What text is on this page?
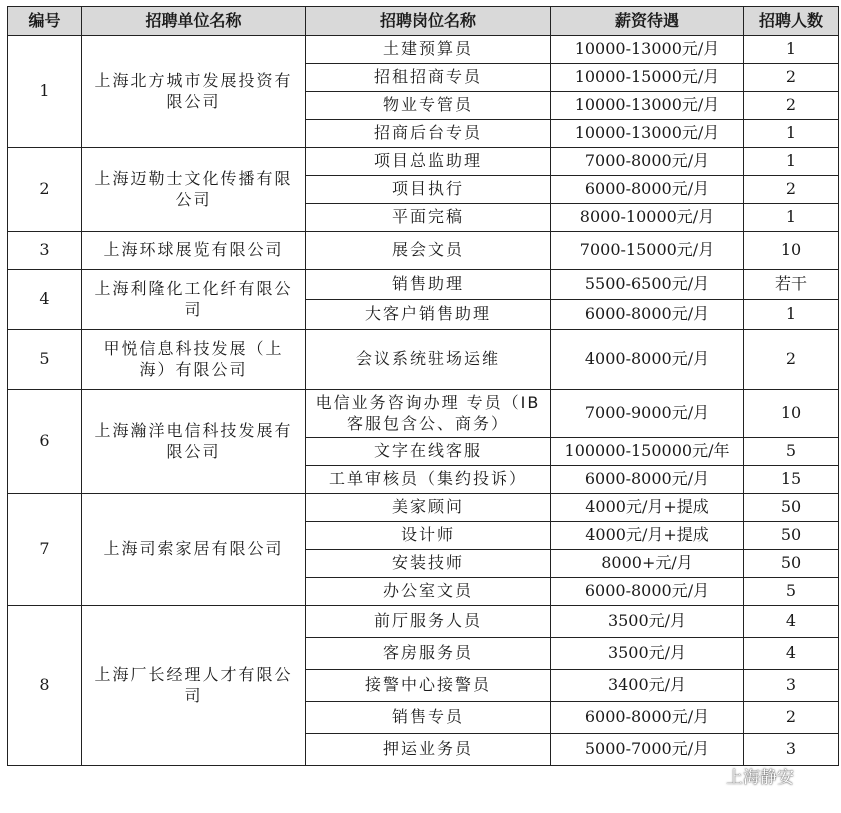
编号	招聘单位名称	招聘岗位名称	薪资待遇	招聘人数
1	上海北方城市发展投资有限公司	土建预算员	10000-13000元/月	1
		招租招商专员	10000-15000元/月	2
		物业专管员	10000-13000元/月	2
		招商后台专员	10000-13000元/月	1
2	上海迈勒士文化传播有限公司	项目总监助理	7000-8000元/月	1
		项目执行	6000-8000元/月	2
		平面完稿	8000-10000元/月	1
3	上海环球展览有限公司	展会文员	7000-15000元/月	10
4	上海利隆化工化纤有限公司	销售助理	5500-6500元/月	若干
		大客户销售助理	6000-8000元/月	1
5	甲悦信息科技发展（上海）有限公司	会议系统驻场运维	4000-8000元/月	2
6	上海瀚洋电信科技发展有限公司	电信业务咨询办理 专员（IB客服包含公、商务）	7000-9000元/月	10
		文字在线客服	100000-150000元/年	5
		工单审核员（集约投诉）	6000-8000元/月	15
7	上海司索家居有限公司	美家顾问	4000元/月+提成	50
		设计师	4000元/月+提成	50
		安装技师	8000+元/月	50
		办公室文员	6000-8000元/月	5
8	上海厂长经理人才有限公司	前厅服务人员	3500元/月	4
		客房服务员	3500元/月	4
		接警中心接警员	3400元/月	3
		销售专员	6000-8000元/月	2
		押运业务员	5000-7000元/月	3
上海静安
